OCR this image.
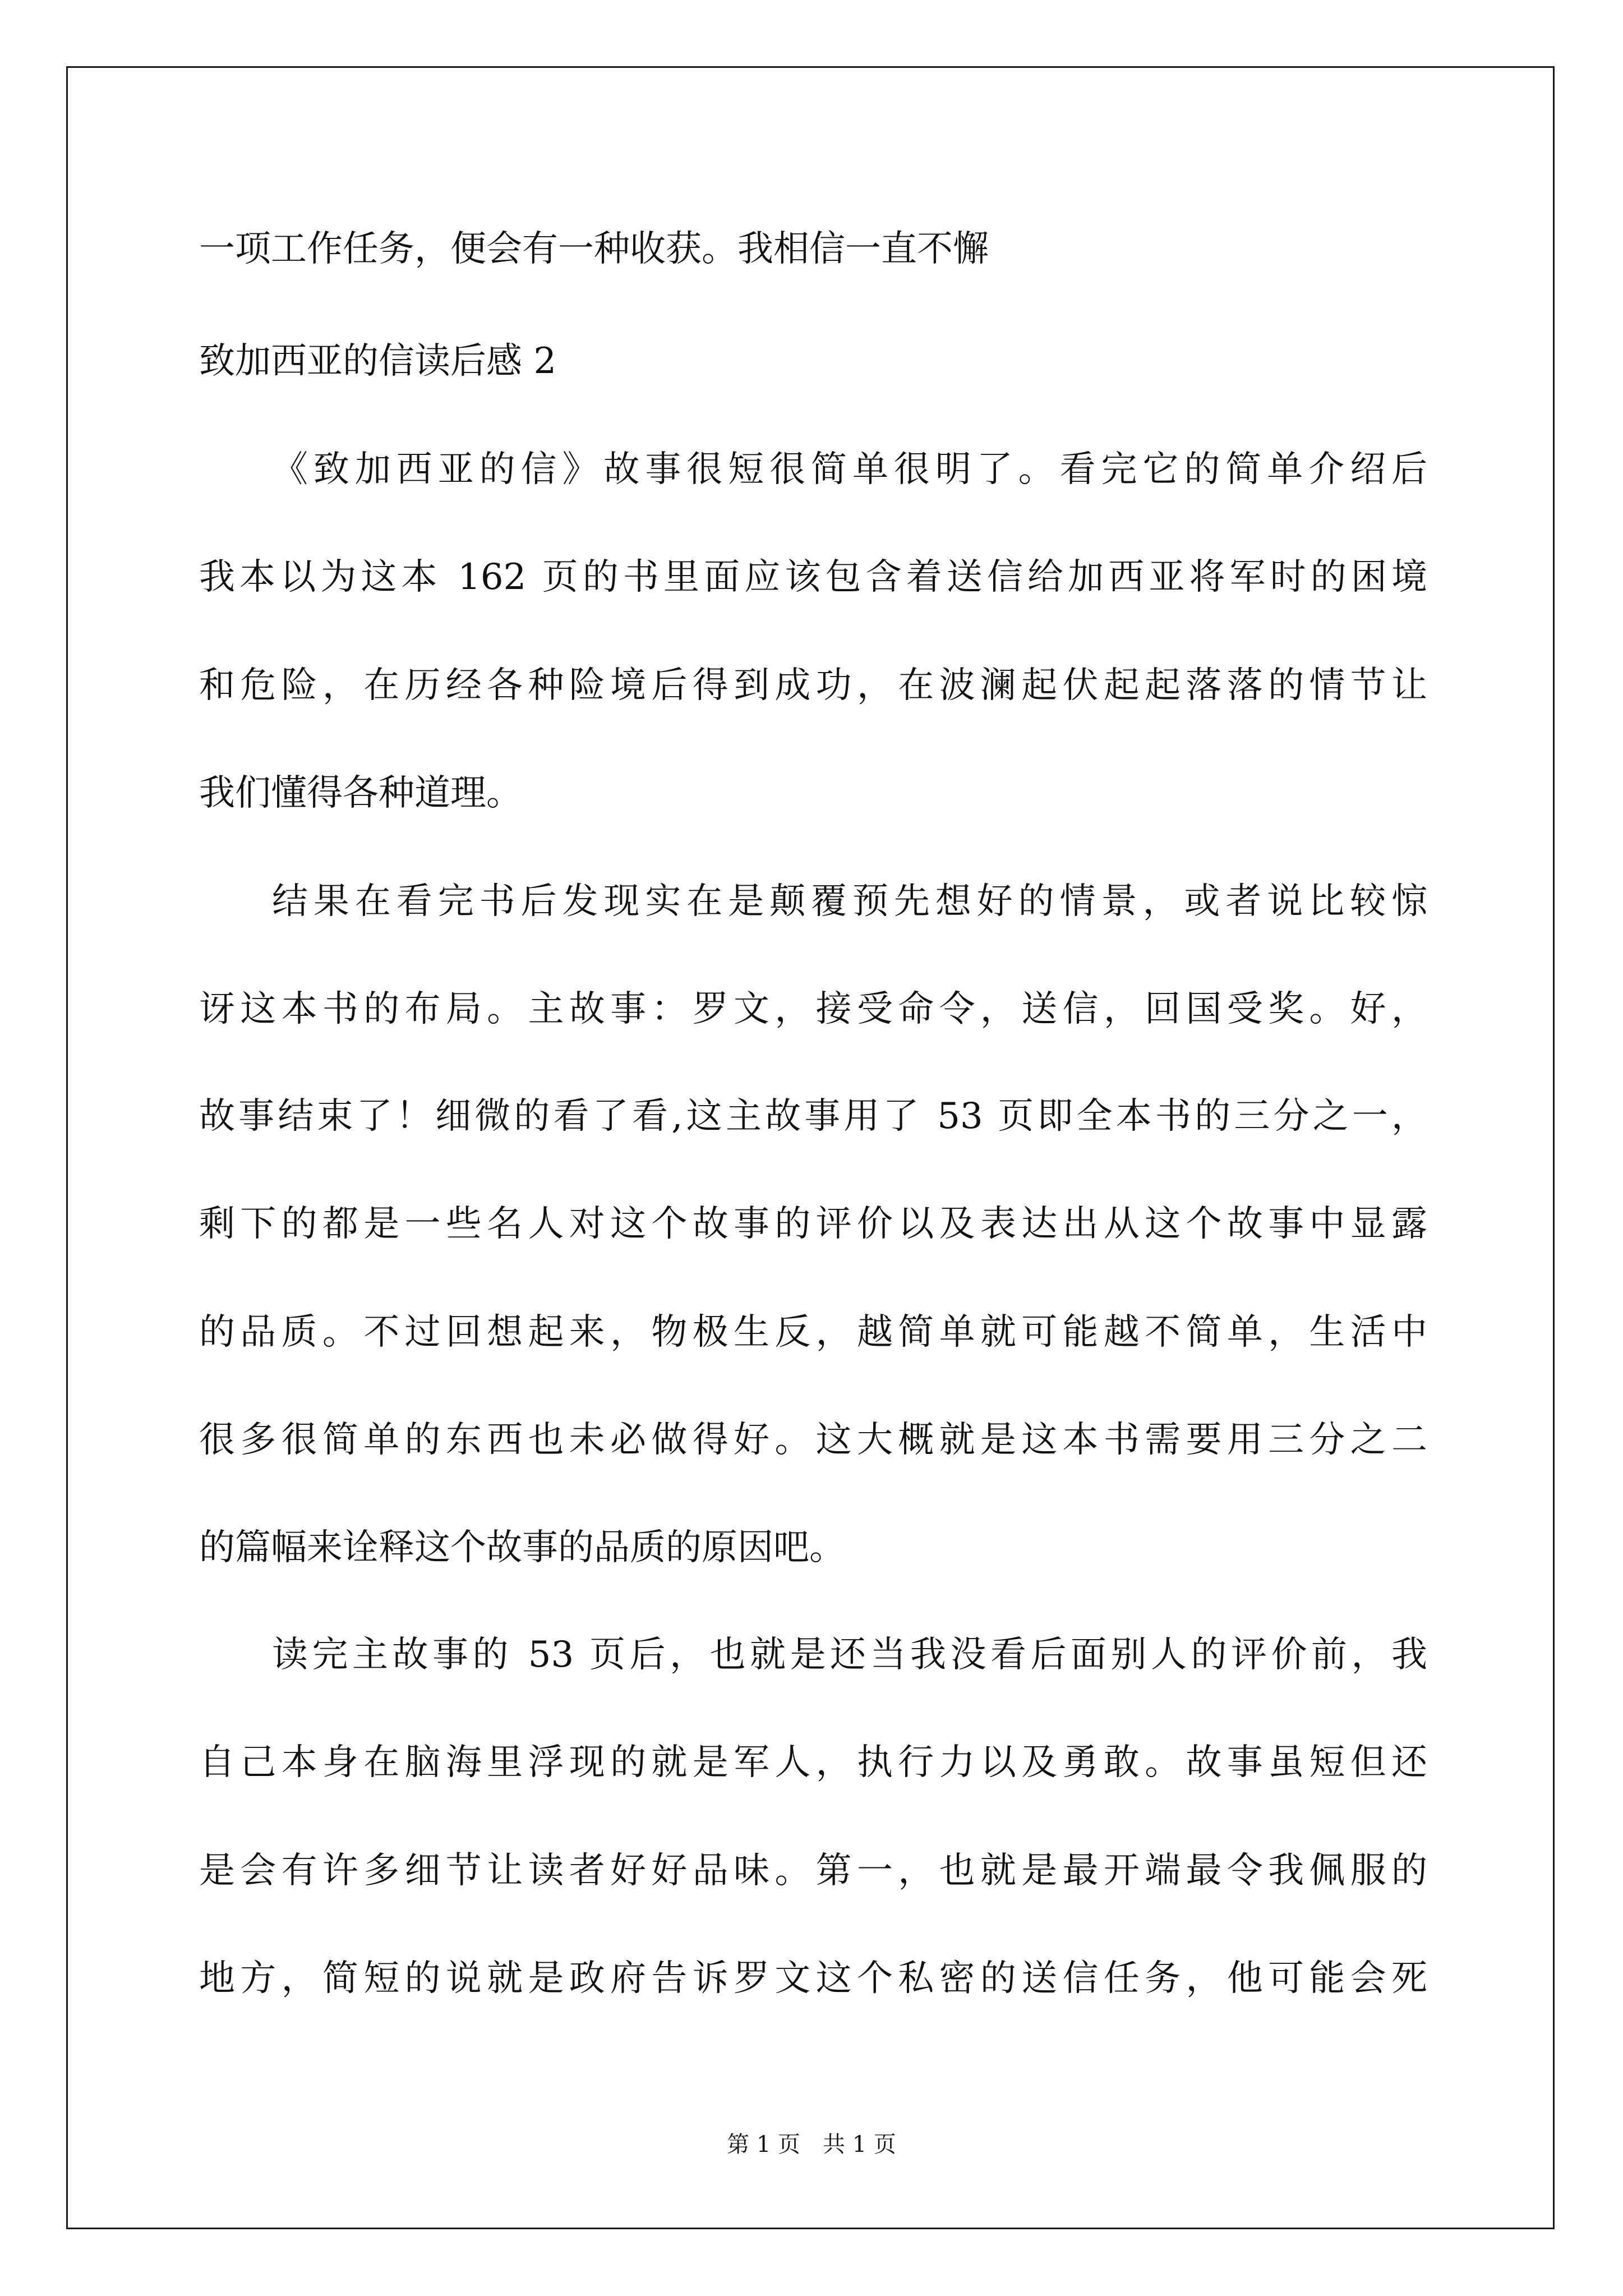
一项工作任务，便会有一种收获。我相信一直不懈
致加西亚的信读后感 2
《致加西亚的信》故事很短很简单很明了。看完它的简单介绍后
我本以为这本 162 页的书里面应该包含着送信给加西亚将军时的困境
和危险，在历经各种险境后得到成功，在波澜起伏起起落落的情节让
我们懂得各种道理。
结果在看完书后发现实在是颠覆预先想好的情景，或者说比较惊
讶这本书的布局。主故事：罗文，接受命令，送信，回国受奖。好，
故事结束了！细微的看了看,这主故事用了 53 页即全本书的三分之一，
剩下的都是一些名人对这个故事的评价以及表达出从这个故事中显露
的品质。不过回想起来，物极生反，越简单就可能越不简单，生活中
很多很简单的东西也未必做得好。这大概就是这本书需要用三分之二
的篇幅来诠释这个故事的品质的原因吧。
读完主故事的 53 页后，也就是还当我没看后面别人的评价前，我
自己本身在脑海里浮现的就是军人，执行力以及勇敢。故事虽短但还
是会有许多细节让读者好好品味。第一，也就是最开端最令我佩服的
地方，简短的说就是政府告诉罗文这个私密的送信任务，他可能会死
第 1 页　共 1 页
